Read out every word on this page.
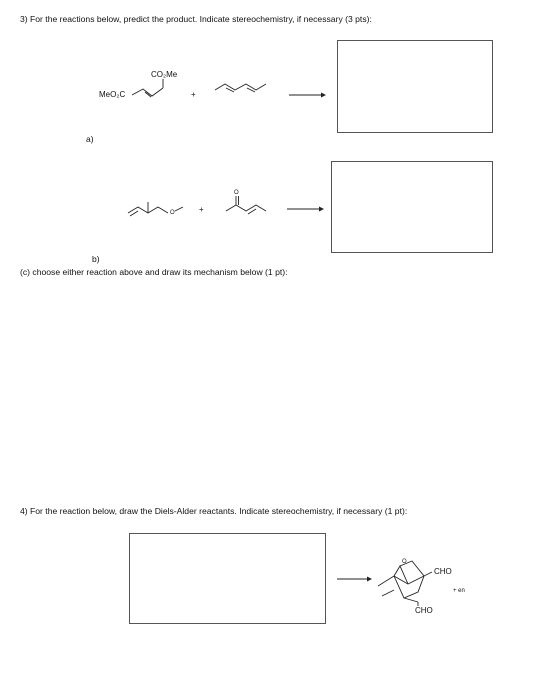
3) For the reactions below, predict the product. Indicate stereochemistry, if necessary (3 pts):
CO₂Me
MeO₂C	+
O	+
O
a)
b)
(c) choose either reaction above and draw its mechanism below (1 pt):
4) For the reaction below, draw the Diels-Alder reactants. Indicate stereochemistry, if necessary (1 pt):
O
CHO
CHO
+ en
